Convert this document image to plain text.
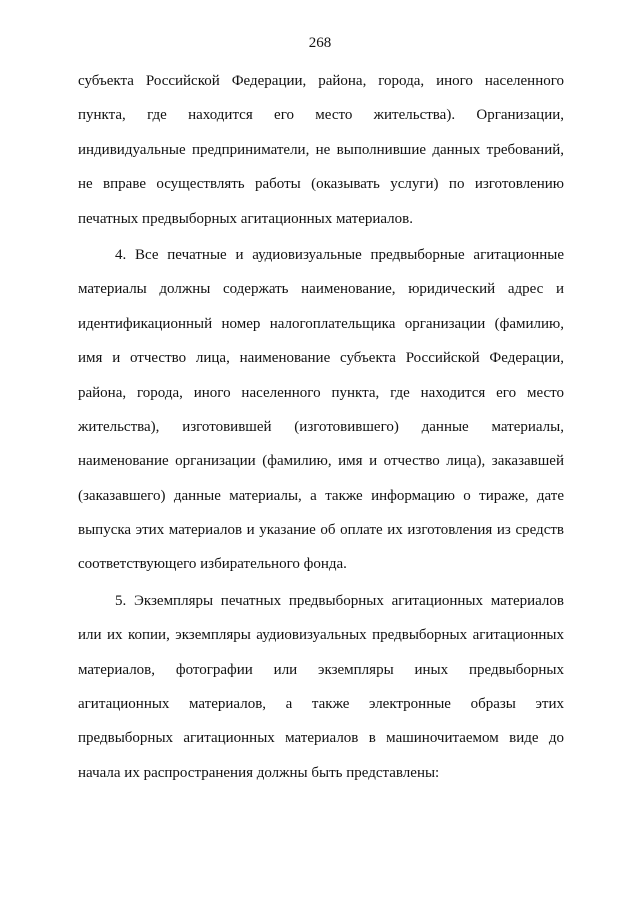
268
субъекта Российской Федерации, района, города, иного населенного
пункта, где находится его место жительства). Организации,
индивидуальные предприниматели, не выполнившие данных требований,
не вправе осуществлять работы (оказывать услуги) по изготовлению
печатных предвыборных агитационных материалов.
4. Все печатные и аудиовизуальные предвыборные агитационные
материалы должны содержать наименование, юридический адрес и
идентификационный номер налогоплательщика организации (фамилию,
имя и отчество лица, наименование субъекта Российской Федерации,
района, города, иного населенного пункта, где находится его место
жительства), изготовившей (изготовившего) данные материалы,
наименование организации (фамилию, имя и отчество лица), заказавшей
(заказавшего) данные материалы, а также информацию о тираже, дате
выпуска этих материалов и указание об оплате их изготовления из средств
соответствующего избирательного фонда.
5. Экземпляры печатных предвыборных агитационных материалов
или их копии, экземпляры аудиовизуальных предвыборных агитационных
материалов, фотографии или экземпляры иных предвыборных
агитационных материалов, а также электронные образы этих
предвыборных агитационных материалов в машиночитаемом виде до
начала их распространения должны быть представлены:
